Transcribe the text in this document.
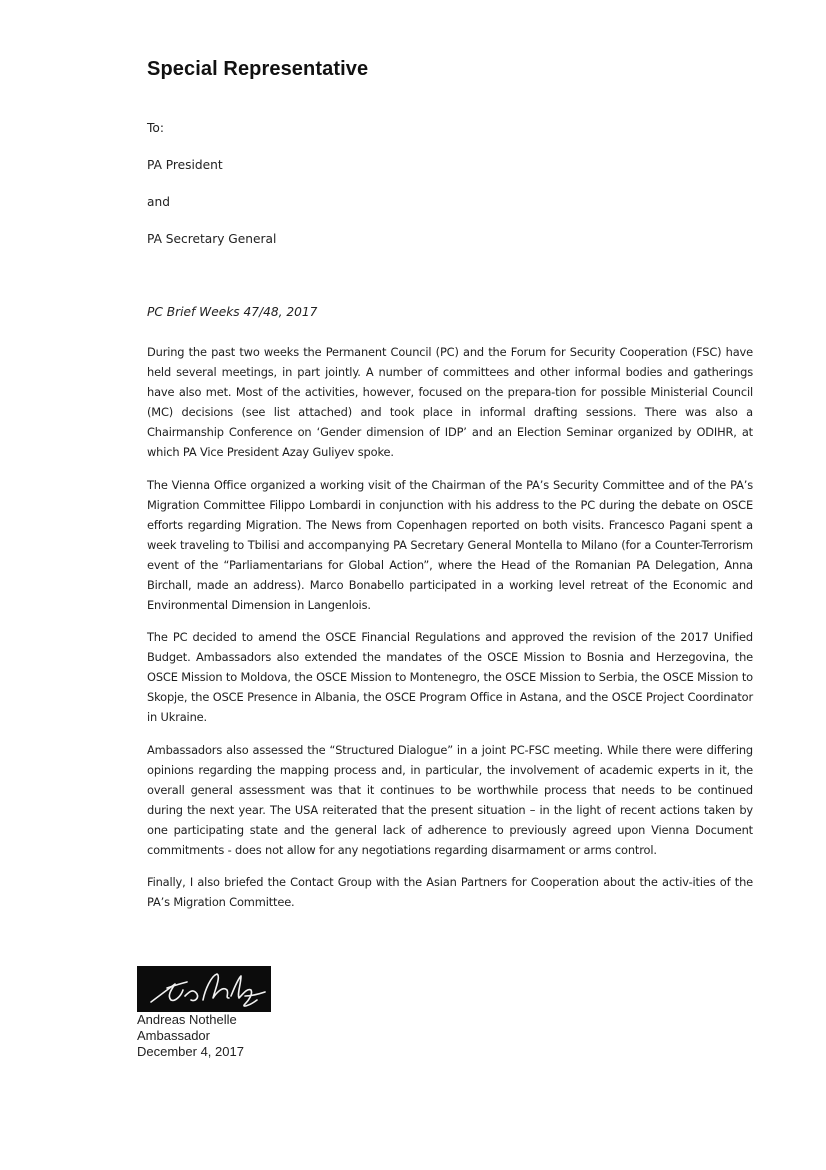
Special Representative

To:

PA President

and

PA Secretary General

PC Brief Weeks 47/48, 2017

During the past two weeks the Permanent Council (PC) and the Forum for Security Cooperation (FSC) have held several meetings, in part jointly. A number of committees and other informal bodies and gatherings have also met. Most of the activities, however, focused on the prepara-tion for possible Ministerial Council (MC) decisions (see list attached) and took place in informal drafting sessions. There was also a Chairmanship Conference on ‘Gender dimension of IDP’ and an Election Seminar organized by ODIHR, at which PA Vice President Azay Guliyev spoke.

The Vienna Office organized a working visit of the Chairman of the PA’s Security Committee and of the PA’s Migration Committee Filippo Lombardi in conjunction with his address to the PC during the debate on OSCE efforts regarding Migration. The News from Copenhagen reported on both visits. Francesco Pagani spent a week traveling to Tbilisi and accompanying PA Secretary General Montella to Milano (for a Counter-Terrorism event of the “Parliamentarians for Global Action”, where the Head of the Romanian PA Delegation, Anna Birchall, made an address). Marco Bonabello participated in a working level retreat of the Economic and Environmental Dimension in Langenlois.

The PC decided to amend the OSCE Financial Regulations and approved the revision of the 2017 Unified Budget. Ambassadors also extended the mandates of the OSCE Mission to Bosnia and Herzegovina, the OSCE Mission to Moldova, the OSCE Mission to Montenegro, the OSCE Mission to Serbia, the OSCE Mission to Skopje, the OSCE Presence in Albania, the OSCE Program Office in Astana, and the OSCE Project Coordinator in Ukraine.

Ambassadors also assessed the “Structured Dialogue” in a joint PC-FSC meeting. While there were differing opinions regarding the mapping process and, in particular, the involvement of academic experts in it, the overall general assessment was that it continues to be worthwhile process that needs to be continued during the next year. The USA reiterated that the present situation – in the light of recent actions taken by one participating state and the general lack of adherence to previously agreed upon Vienna Document commitments - does not allow for any negotiations regarding disarmament or arms control.

Finally, I also briefed the Contact Group with the Asian Partners for Cooperation about the activ-ities of the PA’s Migration Committee.

Andreas Nothelle
Ambassador
December 4, 2017
